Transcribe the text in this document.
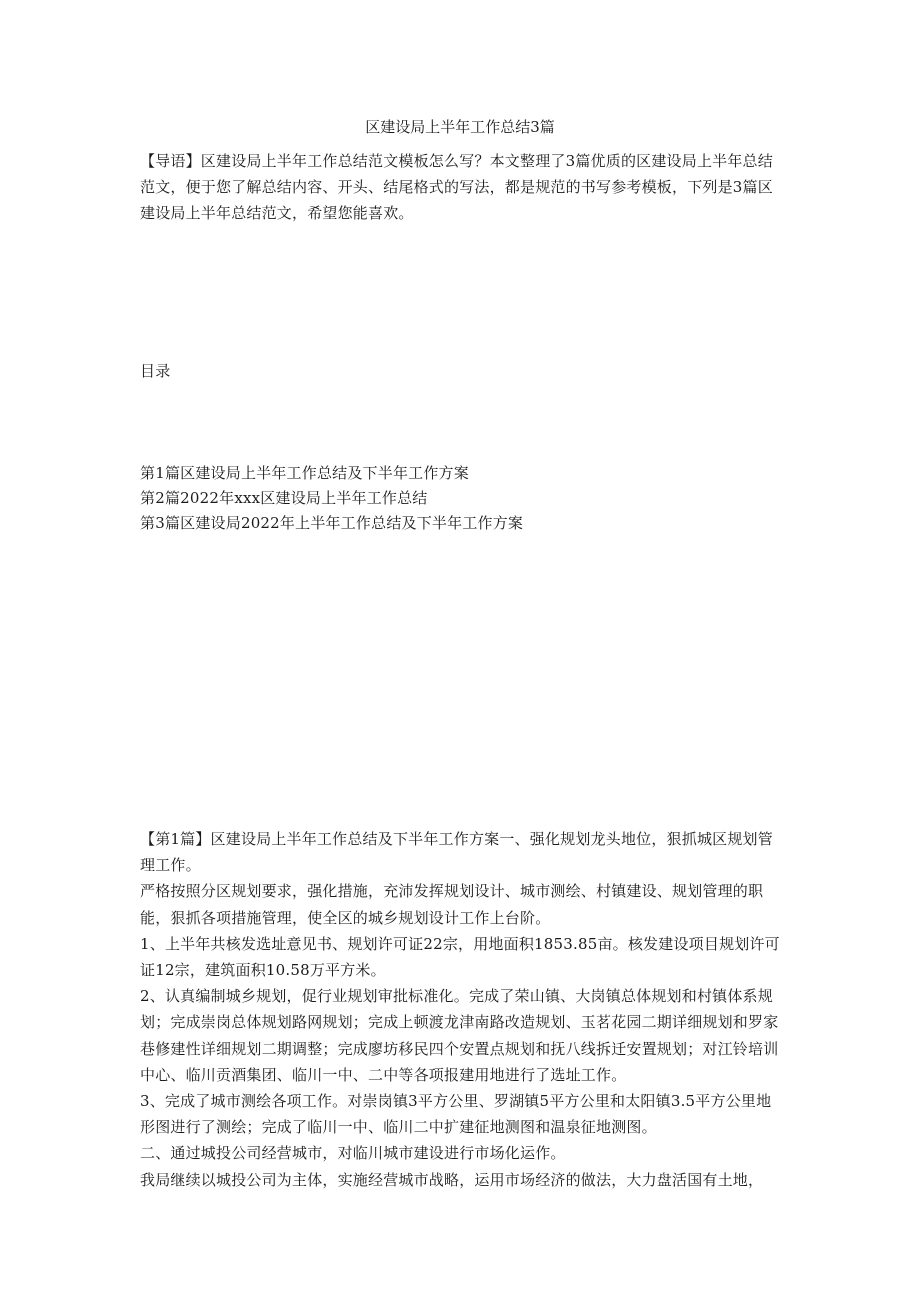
区建设局上半年工作总结3篇

【导语】区建设局上半年工作总结范文模板怎么写？本文整理了3篇优质的区建设局上半年总结范文，便于您了解总结内容、开头、结尾格式的写法，都是规范的书写参考模板，下列是3篇区建设局上半年总结范文，希望您能喜欢。

目录

第1篇区建设局上半年工作总结及下半年工作方案

第2篇2022年xxx区建设局上半年工作总结

第3篇区建设局2022年上半年工作总结及下半年工作方案

【第1篇】区建设局上半年工作总结及下半年工作方案一、强化规划龙头地位，狠抓城区规划管理工作。

严格按照分区规划要求，强化措施，充沛发挥规划设计、城市测绘、村镇建设、规划管理的职能，狠抓各项措施管理，使全区的城乡规划设计工作上台阶。

1、上半年共核发选址意见书、规划许可证22宗，用地面积1853.85亩。核发建设项目规划许可证12宗，建筑面积10.58万平方米。

2、认真编制城乡规划，促行业规划审批标准化。完成了荣山镇、大岗镇总体规划和村镇体系规划；完成崇岗总体规划路网规划；完成上顿渡龙津南路改造规划、玉茗花园二期详细规划和罗家巷修建性详细规划二期调整；完成廖坊移民四个安置点规划和抚八线拆迁安置规划；对江铃培训中心、临川贡酒集团、临川一中、二中等各项报建用地进行了选址工作。

3、完成了城市测绘各项工作。对崇岗镇3平方公里、罗湖镇5平方公里和太阳镇3.5平方公里地形图进行了测绘；完成了临川一中、临川二中扩建征地测图和温泉征地测图。

二、通过城投公司经营城市，对临川城市建设进行市场化运作。

我局继续以城投公司为主体，实施经营城市战略，运用市场经济的做法，大力盘活国有土地，
